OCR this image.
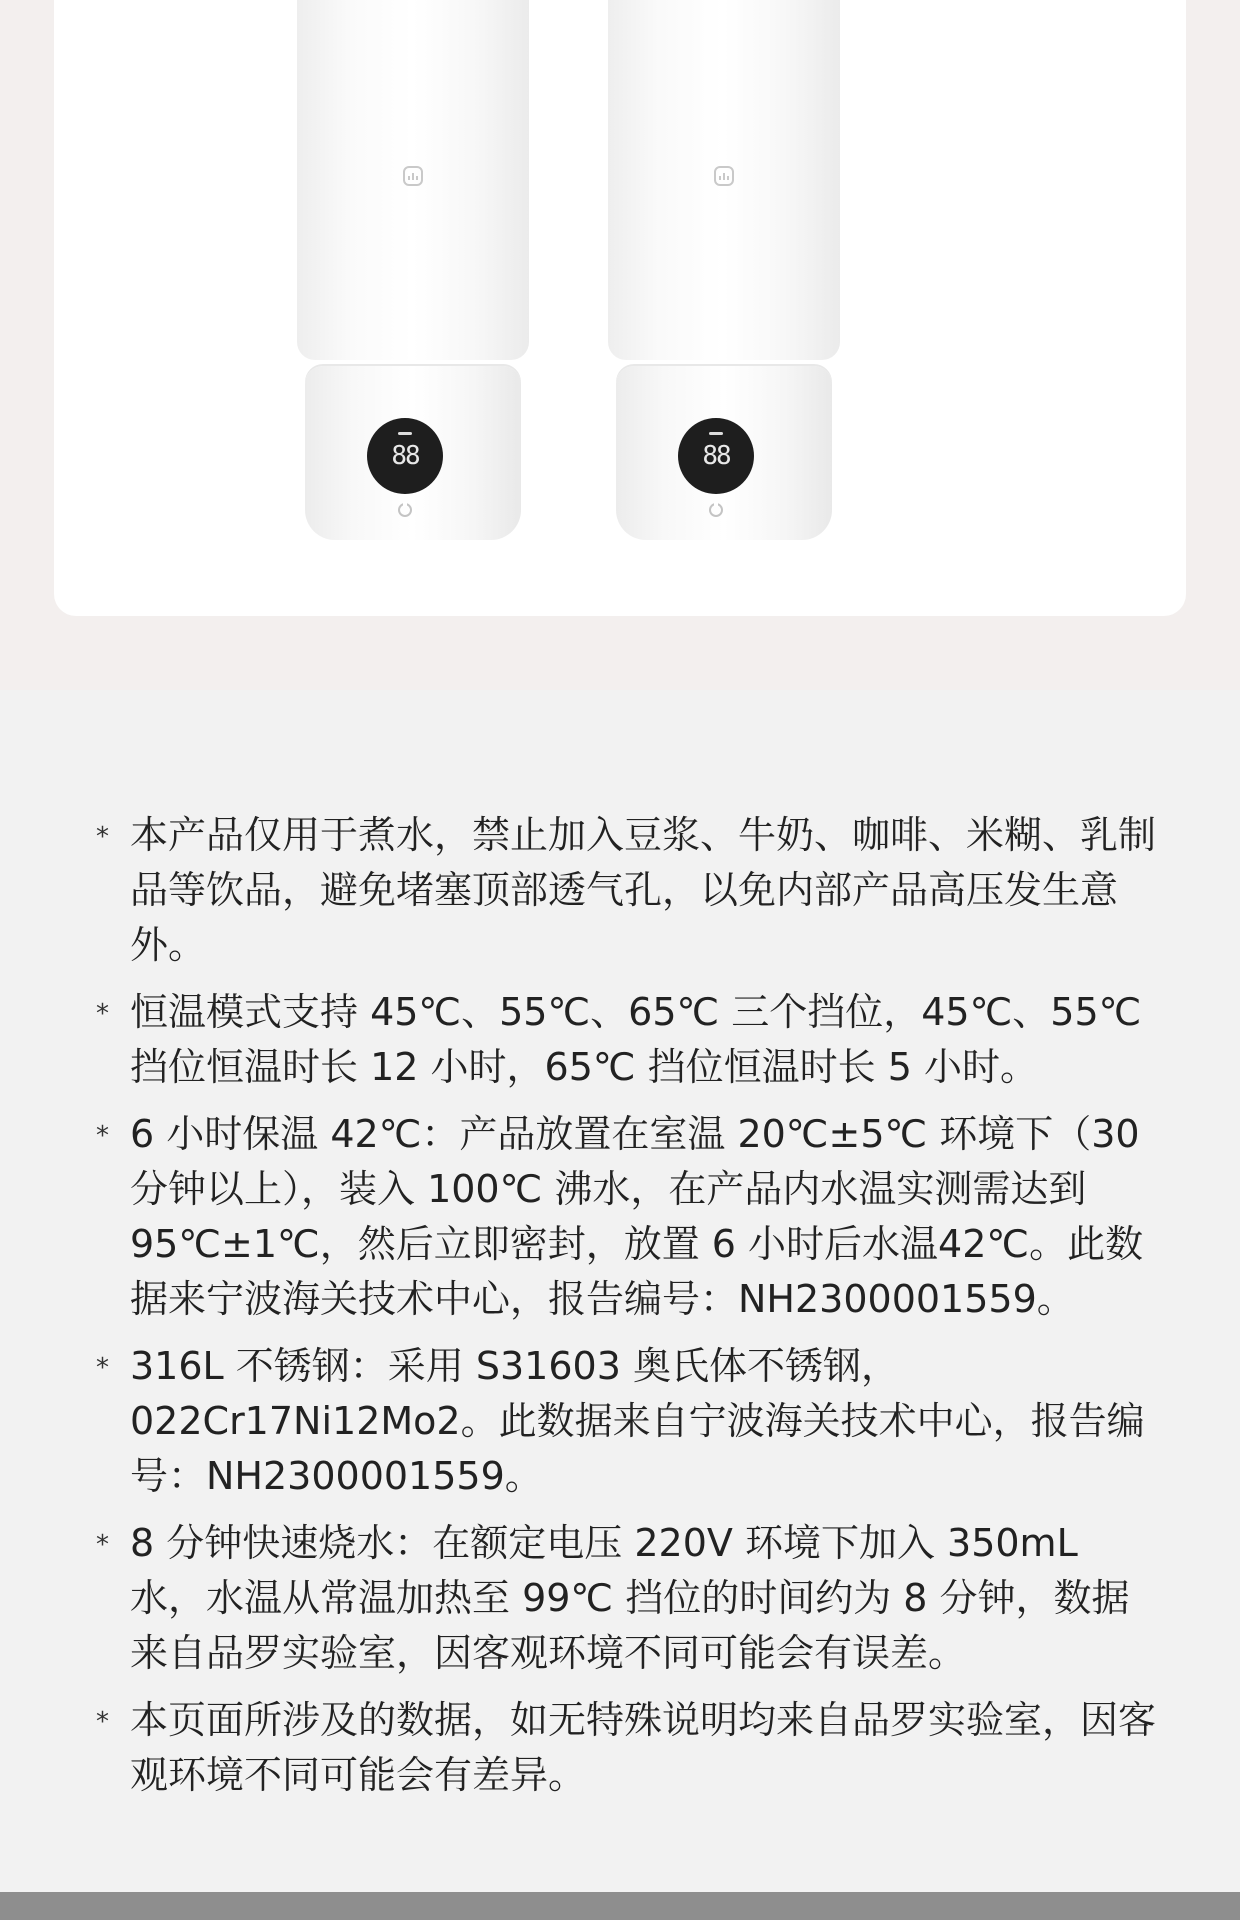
88	88
* 本产品仅用于煮水，禁止加入豆浆、牛奶、咖啡、米糊、乳制品等饮品，避免堵塞顶部透气孔，以免内部产品高压发生意外。
* 恒温模式支持 45℃、55℃、65℃ 三个挡位，45℃、55℃ 挡位恒温时长 12 小时，65℃ 挡位恒温时长 5 小时。
* 6 小时保温 42℃：产品放置在室温 20℃±5℃ 环境下（30 分钟以上），装入 100℃ 沸水，在产品内水温实测需达到 95℃±1℃，然后立即密封，放置 6 小时后水温42℃。此数据来宁波海关技术中心，报告编号：NH2300001559。
* 316L 不锈钢：采用 S31603 奥氏体不锈钢，022Cr17Ni12Mo2。此数据来自宁波海关技术中心，报告编号：NH2300001559。
* 8 分钟快速烧水：在额定电压 220V 环境下加入 350mL 水，水温从常温加热至 99℃ 挡位的时间约为 8 分钟，数据来自品罗实验室，因客观环境不同可能会有误差。
* 本页面所涉及的数据，如无特殊说明均来自品罗实验室，因客观环境不同可能会有差异。
